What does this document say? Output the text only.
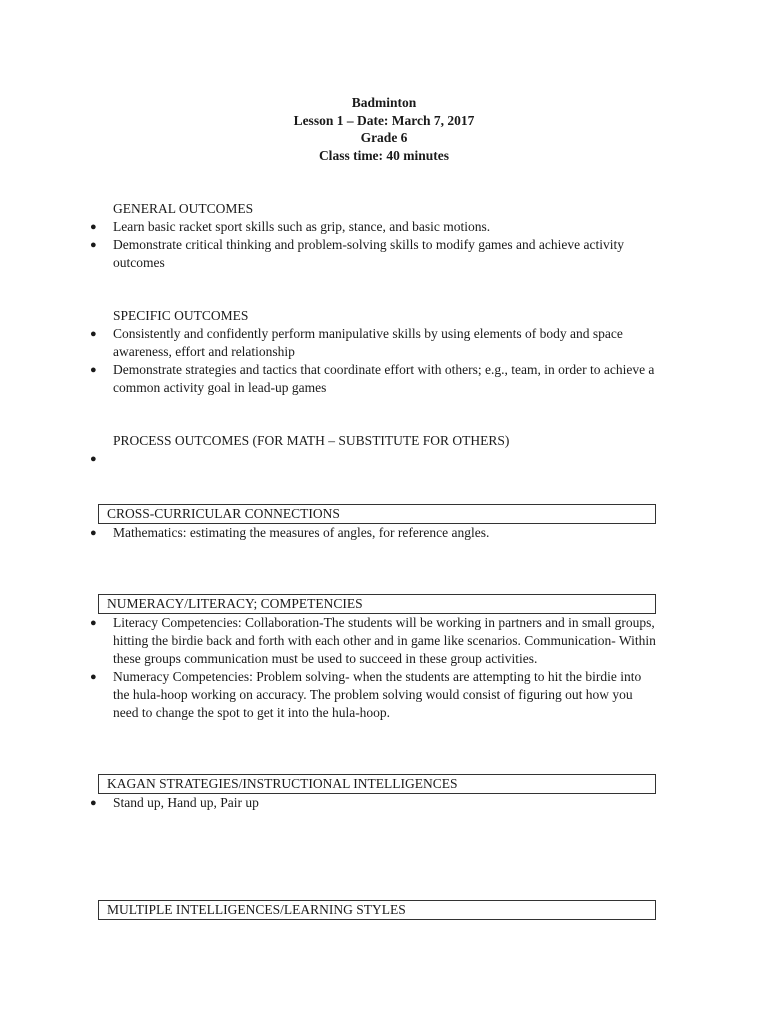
Badminton
Lesson 1 – Date: March 7, 2017
Grade 6
Class time: 40 minutes
GENERAL OUTCOMES
●	Learn basic racket sport skills such as grip, stance, and basic motions.
●	Demonstrate critical thinking and problem-solving skills to modify games and achieve activity outcomes
SPECIFIC OUTCOMES
●	Consistently and confidently perform manipulative skills by using elements of body and space awareness, effort and relationship
●	Demonstrate strategies and tactics that coordinate effort with others; e.g., team, in order to achieve a common activity goal in lead-up games
PROCESS OUTCOMES (FOR MATH – SUBSTITUTE FOR OTHERS)
●
CROSS-CURRICULAR CONNECTIONS
●	Mathematics: estimating the measures of angles, for reference angles.
NUMERACY/LITERACY; COMPETENCIES
●	Literacy Competencies: Collaboration-The students will be working in partners and in small groups, hitting the birdie back and forth with each other and in game like scenarios. Communication- Within these groups communication must be used to succeed in these group activities.
●	Numeracy Competencies: Problem solving- when the students are attempting to hit the birdie into the hula-hoop working on accuracy. The problem solving would consist of figuring out how you need to change the spot to get it into the hula-hoop.
KAGAN STRATEGIES/INSTRUCTIONAL INTELLIGENCES
●	Stand up, Hand up, Pair up
MULTIPLE INTELLIGENCES/LEARNING STYLES
